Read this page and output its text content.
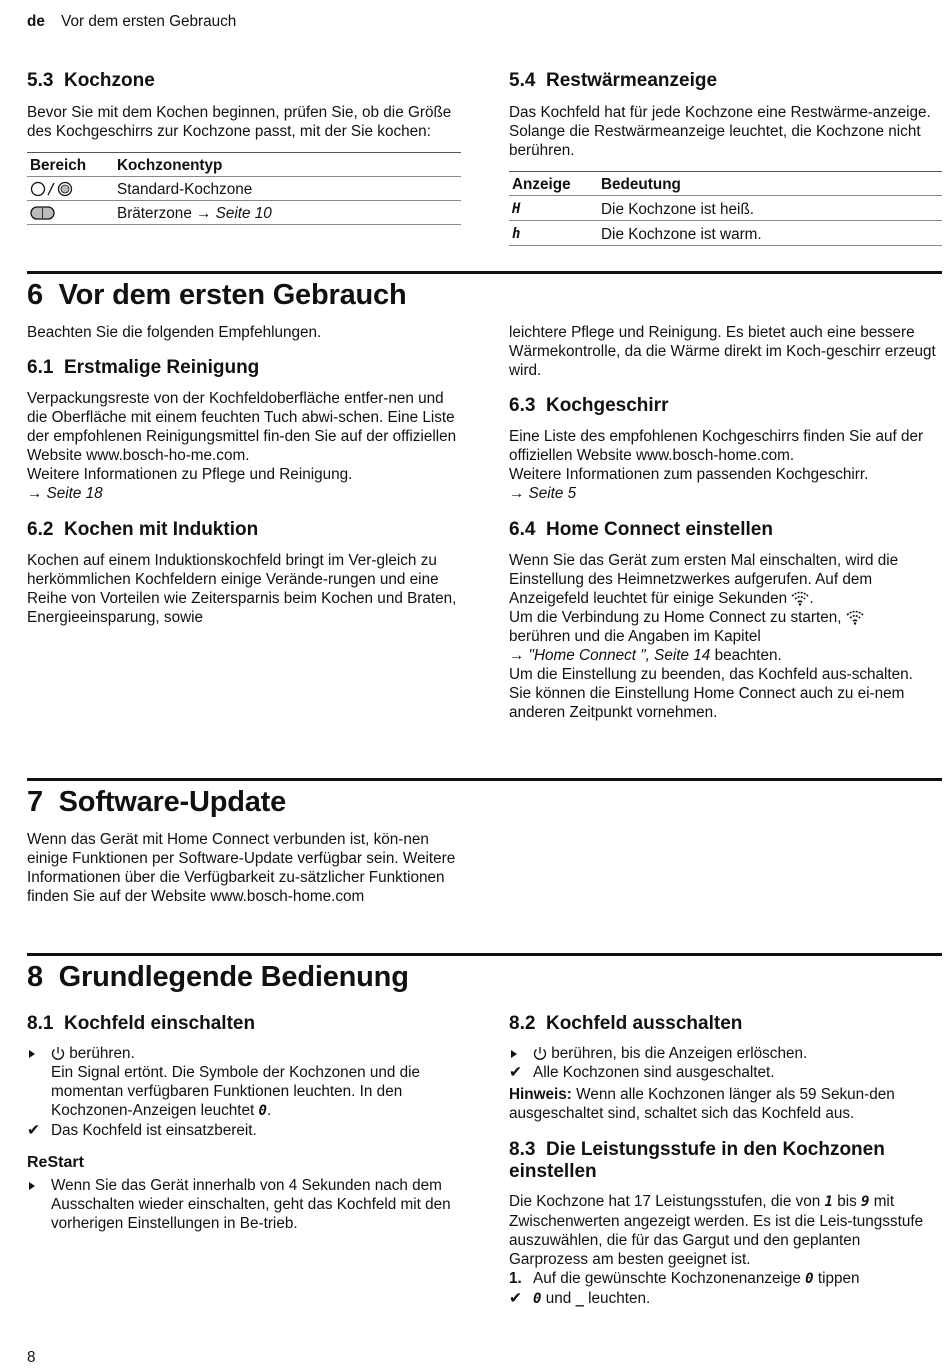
de Vor dem ersten Gebrauch
5.3 Kochzone

Bevor Sie mit dem Kochen beginnen, prüfen Sie, ob die Größe des Kochgeschirrs zur Kochzone passt, mit der Sie kochen:

Bereich	Kochzonentyp
	Standard-Kochzone
	Bräterzone → Seite 10
5.4 Restwärmeanzeige

Das Kochfeld hat für jede Kochzone eine Restwärme-anzeige. Solange die Restwärmeanzeige leuchtet, die Kochzone nicht berühren.

Anzeige	Bedeutung
H	Die Kochzone ist heiß.
h	Die Kochzone ist warm.
6 Vor dem ersten Gebrauch

Beachten Sie die folgenden Empfehlungen.

6.1 Erstmalige Reinigung

Verpackungsreste von der Kochfeldoberfläche entfer-nen und die Oberfläche mit einem feuchten Tuch abwi-schen. Eine Liste der empfohlenen Reinigungsmittel fin-den Sie auf der offiziellen Website www.bosch-ho-me.com.

Weitere Informationen zu Pflege und Reinigung.

→ Seite 18

6.2 Kochen mit Induktion

Kochen auf einem Induktionskochfeld bringt im Ver-gleich zu herkömmlichen Kochfeldern einige Verände-rungen und eine Reihe von Vorteilen wie Zeitersparnis beim Kochen und Braten, Energieeinsparung, sowie

leichtere Pflege und Reinigung. Es bietet auch eine bessere Wärmekontrolle, da die Wärme direkt im Koch-geschirr erzeugt wird.

6.3 Kochgeschirr

Eine Liste des empfohlenen Kochgeschirrs finden Sie auf der offiziellen Website www.bosch-home.com.

Weitere Informationen zum passenden Kochgeschirr.

→ Seite 5

6.4 Home Connect einstellen

Wenn Sie das Gerät zum ersten Mal einschalten, wird die Einstellung des Heimnetzwerkes aufgerufen. Auf dem Anzeigefeld leuchtet für einige Sekunden .

Um die Verbindung zu Home Connect zu starten,
berühren und die Angaben im Kapitel
→ "Home Connect ", Seite 14 beachten.

Um die Einstellung zu beenden, das Kochfeld aus-schalten.

Sie können die Einstellung Home Connect auch zu ei-nem anderen Zeitpunkt vornehmen.

7 Software-Update

Wenn das Gerät mit Home Connect verbunden ist, kön-nen einige Funktionen per Software-Update verfügbar sein. Weitere Informationen über die Verfügbarkeit zu-sätzlicher Funktionen finden Sie auf der Website www.bosch-home.com

8 Grundlegende Bedienung
8.1 Kochfeld einschalten
berühren.
Ein Signal ertönt. Die Symbole der Kochzonen und die momentan verfügbaren Funktionen leuchten. In den Kochzonen-Anzeigen leuchtet 0.
✔ Das Kochfeld ist einsatzbereit.
ReStart
Wenn Sie das Gerät innerhalb von 4 Sekunden nach dem Ausschalten wieder einschalten, geht das Kochfeld mit den vorherigen Einstellungen in Be-trieb.
8.2 Kochfeld ausschalten
berühren, bis die Anzeigen erlöschen.
✔ Alle Kochzonen sind ausgeschaltet.

Hinweis: Wenn alle Kochzonen länger als 59 Sekun-den ausgeschaltet sind, schaltet sich das Kochfeld aus.

8.3 Die Leistungsstufe in den Kochzonen einstellen

Die Kochzone hat 17 Leistungsstufen, die von 1 bis 9 mit Zwischenwerten angezeigt werden. Es ist die Leis-tungsstufe auszuwählen, die für das Gargut und den geplanten Garprozess am besten geeignet ist.

1. Auf die gewünschte Kochzonenanzeige 0 tippen
✔ 0 und _ leuchten.
8
